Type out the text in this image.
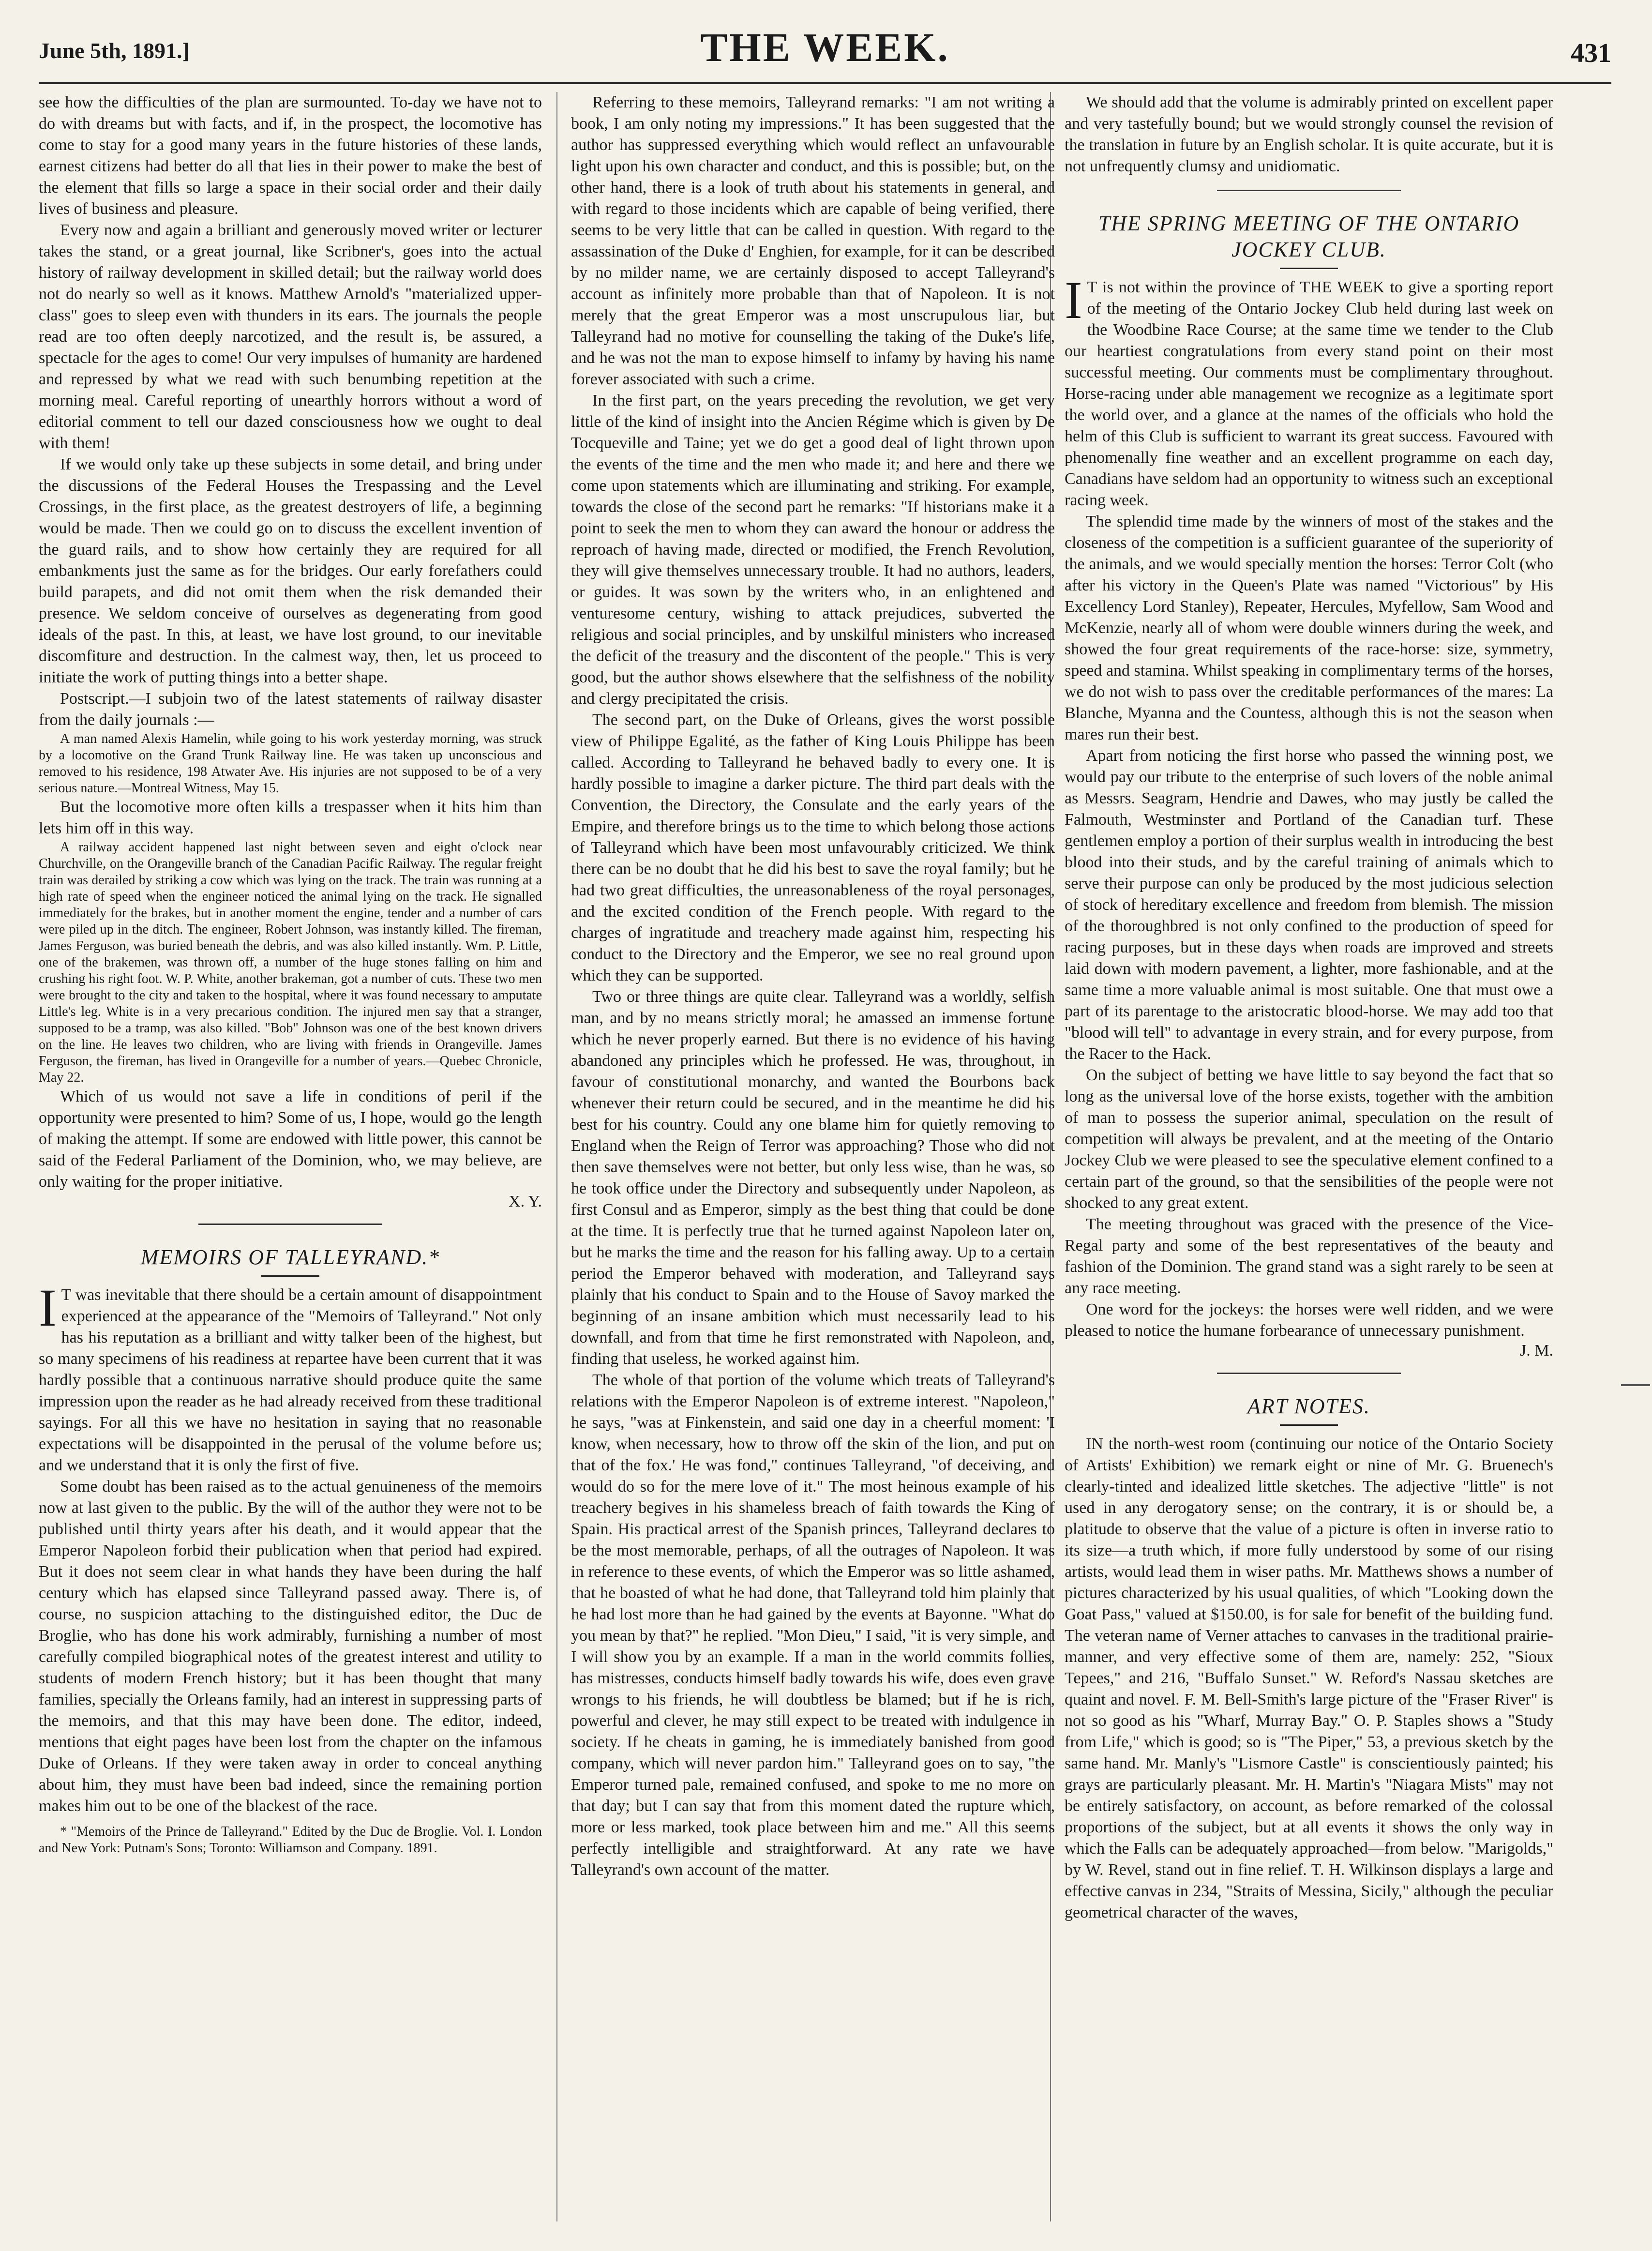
June 5th, 1891.]	THE WEEK.	431

see how the difficulties of the plan are surmounted. To-day we have not to do with dreams but with facts, and if, in the prospect, the locomotive has come to stay for a good many years in the future histories of these lands, earnest citizens had better do all that lies in their power to make the best of the element that fills so large a space in their social order and their daily lives of business and pleasure.

Every now and again a brilliant and generously moved writer or lecturer takes the stand, or a great journal, like Scribner's, goes into the actual history of railway development in skilled detail; but the railway world does not do nearly so well as it knows. Matthew Arnold's "materialized upper-class" goes to sleep even with thunders in its ears. The journals the people read are too often deeply narcotized, and the result is, be assured, a spectacle for the ages to come! Our very impulses of humanity are hardened and repressed by what we read with such benumbing repetition at the morning meal. Careful reporting of unearthly horrors without a word of editorial comment to tell our dazed consciousness how we ought to deal with them!

If we would only take up these subjects in some detail, and bring under the discussions of the Federal Houses the Trespassing and the Level Crossings, in the first place, as the greatest destroyers of life, a beginning would be made. Then we could go on to discuss the excellent invention of the guard rails, and to show how certainly they are required for all embankments just the same as for the bridges. Our early forefathers could build parapets, and did not omit them when the risk demanded their presence. We seldom conceive of ourselves as degenerating from good ideals of the past. In this, at least, we have lost ground, to our inevitable discomfiture and destruction. In the calmest way, then, let us proceed to initiate the work of putting things into a better shape.

Postscript.—I subjoin two of the latest statements of railway disaster from the daily journals :—

A man named Alexis Hamelin, while going to his work yesterday morning, was struck by a locomotive on the Grand Trunk Railway line. He was taken up unconscious and removed to his residence, 198 Atwater Ave. His injuries are not supposed to be of a very serious nature.—Montreal Witness, May 15.

But the locomotive more often kills a trespasser when it hits him than lets him off in this way.

A railway accident happened last night between seven and eight o'clock near Churchville, on the Orangeville branch of the Canadian Pacific Railway. The regular freight train was derailed by striking a cow which was lying on the track. The train was running at a high rate of speed when the engineer noticed the animal lying on the track. He signalled immediately for the brakes, but in another moment the engine, tender and a number of cars were piled up in the ditch. The engineer, Robert Johnson, was instantly killed. The fireman, James Ferguson, was buried beneath the debris, and was also killed instantly. Wm. P. Little, one of the brakemen, was thrown off, a number of the huge stones falling on him and crushing his right foot. W. P. White, another brakeman, got a number of cuts. These two men were brought to the city and taken to the hospital, where it was found necessary to amputate Little's leg. White is in a very precarious condition. The injured men say that a stranger, supposed to be a tramp, was also killed. "Bob" Johnson was one of the best known drivers on the line. He leaves two children, who are living with friends in Orangeville. James Ferguson, the fireman, has lived in Orangeville for a number of years.—Quebec Chronicle, May 22.

Which of us would not save a life in conditions of peril if the opportunity were presented to him? Some of us, I hope, would go the length of making the attempt. If some are endowed with little power, this cannot be said of the Federal Parliament of the Dominion, who, we may believe, are only waiting for the proper initiative.

X. Y.
MEMOIRS OF TALLEYRAND.*

I T was inevitable that there should be a certain amount of disappointment experienced at the appearance of the "Memoirs of Talleyrand." Not only has his reputation as a brilliant and witty talker been of the highest, but so many specimens of his readiness at repartee have been current that it was hardly possible that a continuous narrative should produce quite the same impression upon the reader as he had already received from these traditional sayings. For all this we have no hesitation in saying that no reasonable expectations will be disappointed in the perusal of the volume before us; and we understand that it is only the first of five.

Some doubt has been raised as to the actual genuineness of the memoirs now at last given to the public. By the will of the author they were not to be published until thirty years after his death, and it would appear that the Emperor Napoleon forbid their publication when that period had expired. But it does not seem clear in what hands they have been during the half century which has elapsed since Talleyrand passed away. There is, of course, no suspicion attaching to the distinguished editor, the Duc de Broglie, who has done his work admirably, furnishing a number of most carefully compiled biographical notes of the greatest interest and utility to students of modern French history; but it has been thought that many families, specially the Orleans family, had an interest in suppressing parts of the memoirs, and that this may have been done. The editor, indeed, mentions that eight pages have been lost from the chapter on the infamous Duke of Orleans. If they were taken away in order to conceal anything about him, they must have been bad indeed, since the remaining portion makes him out to be one of the blackest of the race.

* "Memoirs of the Prince de Talleyrand." Edited by the Duc de Broglie. Vol. I. London and New York: Putnam's Sons; Toronto: Williamson and Company. 1891.

Referring to these memoirs, Talleyrand remarks: "I am not writing a book, I am only noting my impressions." It has been suggested that the author has suppressed everything which would reflect an unfavourable light upon his own character and conduct, and this is possible; but, on the other hand, there is a look of truth about his statements in general, and with regard to those incidents which are capable of being verified, there seems to be very little that can be called in question. With regard to the assassination of the Duke d' Enghien, for example, for it can be described by no milder name, we are certainly disposed to accept Talleyrand's account as infinitely more probable than that of Napoleon. It is not merely that the great Emperor was a most unscrupulous liar, but Talleyrand had no motive for counselling the taking of the Duke's life, and he was not the man to expose himself to infamy by having his name forever associated with such a crime.

In the first part, on the years preceding the revolution, we get very little of the kind of insight into the Ancien Régime which is given by De Tocqueville and Taine; yet we do get a good deal of light thrown upon the events of the time and the men who made it; and here and there we come upon statements which are illuminating and striking. For example, towards the close of the second part he remarks: "If historians make it a point to seek the men to whom they can award the honour or address the reproach of having made, directed or modified, the French Revolution, they will give themselves unnecessary trouble. It had no authors, leaders, or guides. It was sown by the writers who, in an enlightened and venturesome century, wishing to attack prejudices, subverted the religious and social principles, and by unskilful ministers who increased the deficit of the treasury and the discontent of the people." This is very good, but the author shows elsewhere that the selfishness of the nobility and clergy precipitated the crisis.

The second part, on the Duke of Orleans, gives the worst possible view of Philippe Egalité, as the father of King Louis Philippe has been called. According to Talleyrand he behaved badly to every one. It is hardly possible to imagine a darker picture. The third part deals with the Convention, the Directory, the Consulate and the early years of the Empire, and therefore brings us to the time to which belong those actions of Talleyrand which have been most unfavourably criticized. We think there can be no doubt that he did his best to save the royal family; but he had two great difficulties, the unreasonableness of the royal personages, and the excited condition of the French people. With regard to the charges of ingratitude and treachery made against him, respecting his conduct to the Directory and the Emperor, we see no real ground upon which they can be supported.

Two or three things are quite clear. Talleyrand was a worldly, selfish man, and by no means strictly moral; he amassed an immense fortune which he never properly earned. But there is no evidence of his having abandoned any principles which he professed. He was, throughout, in favour of constitutional monarchy, and wanted the Bourbons back whenever their return could be secured, and in the meantime he did his best for his country. Could any one blame him for quietly removing to England when the Reign of Terror was approaching? Those who did not then save themselves were not better, but only less wise, than he was, so he took office under the Directory and subsequently under Napoleon, as first Consul and as Emperor, simply as the best thing that could be done at the time. It is perfectly true that he turned against Napoleon later on, but he marks the time and the reason for his falling away. Up to a certain period the Emperor behaved with moderation, and Talleyrand says plainly that his conduct to Spain and to the House of Savoy marked the beginning of an insane ambition which must necessarily lead to his downfall, and from that time he first remonstrated with Napoleon, and, finding that useless, he worked against him.

The whole of that portion of the volume which treats of Talleyrand's relations with the Emperor Napoleon is of extreme interest. "Napoleon," he says, "was at Finkenstein, and said one day in a cheerful moment: 'I know, when necessary, how to throw off the skin of the lion, and put on that of the fox.' He was fond," continues Talleyrand, "of deceiving, and would do so for the mere love of it." The most heinous example of his treachery begives in his shameless breach of faith towards the King of Spain. His practical arrest of the Spanish princes, Talleyrand declares to be the most memorable, perhaps, of all the outrages of Napoleon. It was in reference to these events, of which the Emperor was so little ashamed, that he boasted of what he had done, that Talleyrand told him plainly that he had lost more than he had gained by the events at Bayonne. "What do you mean by that?" he replied. "Mon Dieu," I said, "it is very simple, and I will show you by an example. If a man in the world commits follies, has mistresses, conducts himself badly towards his wife, does even grave wrongs to his friends, he will doubtless be blamed; but if he is rich, powerful and clever, he may still expect to be treated with indulgence in society. If he cheats in gaming, he is immediately banished from good company, which will never pardon him." Talleyrand goes on to say, "the Emperor turned pale, remained confused, and spoke to me no more on that day; but I can say that from this moment dated the rupture which, more or less marked, took place between him and me." All this seems perfectly intelligible and straightforward. At any rate we have Talleyrand's own account of the matter.

We should add that the volume is admirably printed on excellent paper and very tastefully bound; but we would strongly counsel the revision of the translation in future by an English scholar. It is quite accurate, but it is not unfrequently clumsy and unidiomatic.

THE SPRING MEETING OF THE ONTARIO JOCKEY CLUB.

I T is not within the province of THE WEEK to give a sporting report of the meeting of the Ontario Jockey Club held during last week on the Woodbine Race Course; at the same time we tender to the Club our heartiest congratulations from every stand point on their most successful meeting. Our comments must be complimentary throughout. Horse-racing under able management we recognize as a legitimate sport the world over, and a glance at the names of the officials who hold the helm of this Club is sufficient to warrant its great success. Favoured with phenomenally fine weather and an excellent programme on each day, Canadians have seldom had an opportunity to witness such an exceptional racing week.

The splendid time made by the winners of most of the stakes and the closeness of the competition is a sufficient guarantee of the superiority of the animals, and we would specially mention the horses: Terror Colt (who after his victory in the Queen's Plate was named "Victorious" by His Excellency Lord Stanley), Repeater, Hercules, Myfellow, Sam Wood and McKenzie, nearly all of whom were double winners during the week, and showed the four great requirements of the race-horse: size, symmetry, speed and stamina. Whilst speaking in complimentary terms of the horses, we do not wish to pass over the creditable performances of the mares: La Blanche, Myanna and the Countess, although this is not the season when mares run their best.

Apart from noticing the first horse who passed the winning post, we would pay our tribute to the enterprise of such lovers of the noble animal as Messrs. Seagram, Hendrie and Dawes, who may justly be called the Falmouth, Westminster and Portland of the Canadian turf. These gentlemen employ a portion of their surplus wealth in introducing the best blood into their studs, and by the careful training of animals which to serve their purpose can only be produced by the most judicious selection of stock of hereditary excellence and freedom from blemish. The mission of the thoroughbred is not only confined to the production of speed for racing purposes, but in these days when roads are improved and streets laid down with modern pavement, a lighter, more fashionable, and at the same time a more valuable animal is most suitable. One that must owe a part of its parentage to the aristocratic blood-horse. We may add too that "blood will tell" to advantage in every strain, and for every purpose, from the Racer to the Hack.

On the subject of betting we have little to say beyond the fact that so long as the universal love of the horse exists, together with the ambition of man to possess the superior animal, speculation on the result of competition will always be prevalent, and at the meeting of the Ontario Jockey Club we were pleased to see the speculative element confined to a certain part of the ground, so that the sensibilities of the people were not shocked to any great extent.

The meeting throughout was graced with the presence of the Vice-Regal party and some of the best representatives of the beauty and fashion of the Dominion. The grand stand was a sight rarely to be seen at any race meeting.

One word for the jockeys: the horses were well ridden, and we were pleased to notice the humane forbearance of unnecessary punishment.

J. M.
ART NOTES.

IN the north-west room (continuing our notice of the Ontario Society of Artists' Exhibition) we remark eight or nine of Mr. G. Bruenech's clearly-tinted and idealized little sketches. The adjective "little" is not used in any derogatory sense; on the contrary, it is or should be, a platitude to observe that the value of a picture is often in inverse ratio to its size—a truth which, if more fully understood by some of our rising artists, would lead them in wiser paths. Mr. Matthews shows a number of pictures characterized by his usual qualities, of which "Looking down the Goat Pass," valued at $150.00, is for sale for benefit of the building fund. The veteran name of Verner attaches to canvases in the traditional prairie-manner, and very effective some of them are, namely: 252, "Sioux Tepees," and 216, "Buffalo Sunset." W. Reford's Nassau sketches are quaint and novel. F. M. Bell-Smith's large picture of the "Fraser River" is not so good as his "Wharf, Murray Bay." O. P. Staples shows a "Study from Life," which is good; so is "The Piper," 53, a previous sketch by the same hand. Mr. Manly's "Lismore Castle" is conscientiously painted; his grays are particularly pleasant. Mr. H. Martin's "Niagara Mists" may not be entirely satisfactory, on account, as before remarked of the colossal proportions of the subject, but at all events it shows the only way in which the Falls can be adequately approached—from below. "Marigolds," by W. Revel, stand out in fine relief. T. H. Wilkinson displays a large and effective canvas in 234, "Straits of Messina, Sicily," although the peculiar geometrical character of the waves,
